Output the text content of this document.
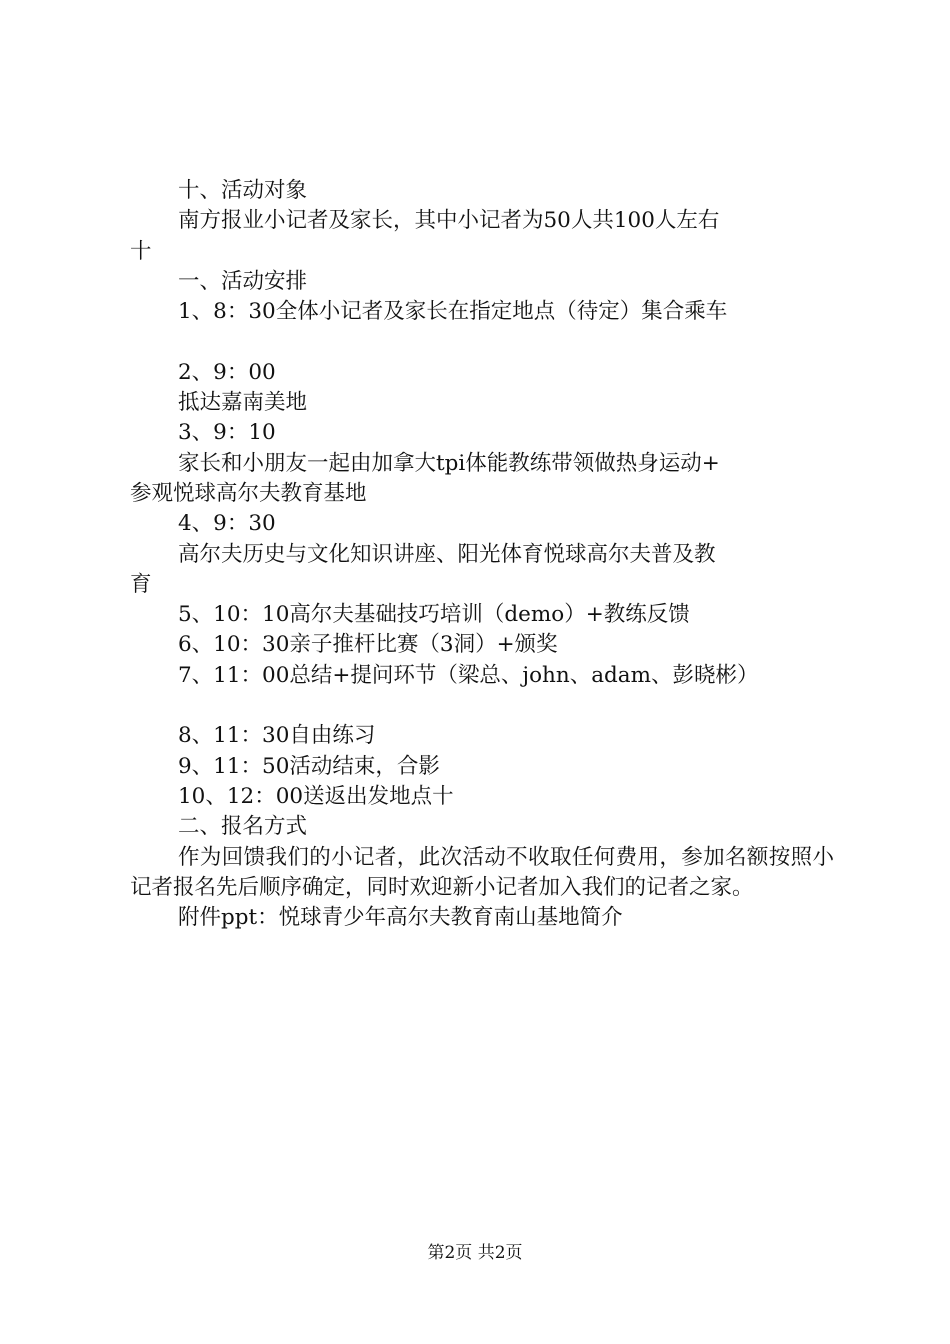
十、活动对象
南方报业小记者及家长，其中小记者为50人共100人左右
十
一、活动安排
1、8：30全体小记者及家长在指定地点（待定）集合乘车
2、9：00
抵达嘉南美地
3、9：10
家长和小朋友一起由加拿大tpi体能教练带领做热身运动+
参观悦球高尔夫教育基地
4、9：30
高尔夫历史与文化知识讲座、阳光体育悦球高尔夫普及教
育
5、10：10高尔夫基础技巧培训（demo）+教练反馈
6、10：30亲子推杆比赛（3洞）+颁奖
7、11：00总结+提问环节（梁总、john、adam、彭晓彬）
8、11：30自由练习
9、11：50活动结束，合影
10、12：00送返出发地点十
二、报名方式
作为回馈我们的小记者，此次活动不收取任何费用，参加名额按照小记者报名先后顺序确定，同时欢迎新小记者加入我们的记者之家。
附件ppt：悦球青少年高尔夫教育南山基地简介
第2页 共2页
